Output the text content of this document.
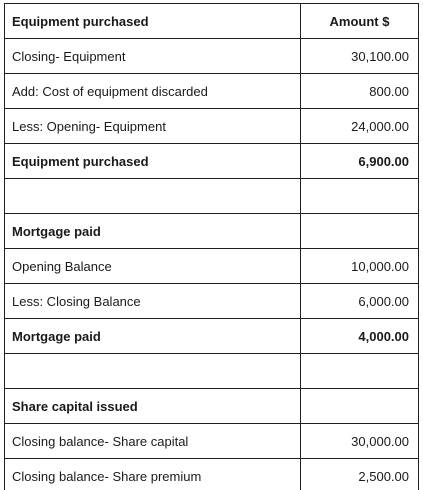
Equipment purchased	Amount $
Closing- Equipment	30,100.00
Add: Cost of equipment discarded	800.00
Less: Opening- Equipment	24,000.00
Equipment purchased	6,900.00

Mortgage paid	
Opening Balance	10,000.00
Less: Closing Balance	6,000.00
Mortgage paid	4,000.00

Share capital issued	
Closing balance- Share capital	30,000.00
Closing balance- Share premium	2,500.00
